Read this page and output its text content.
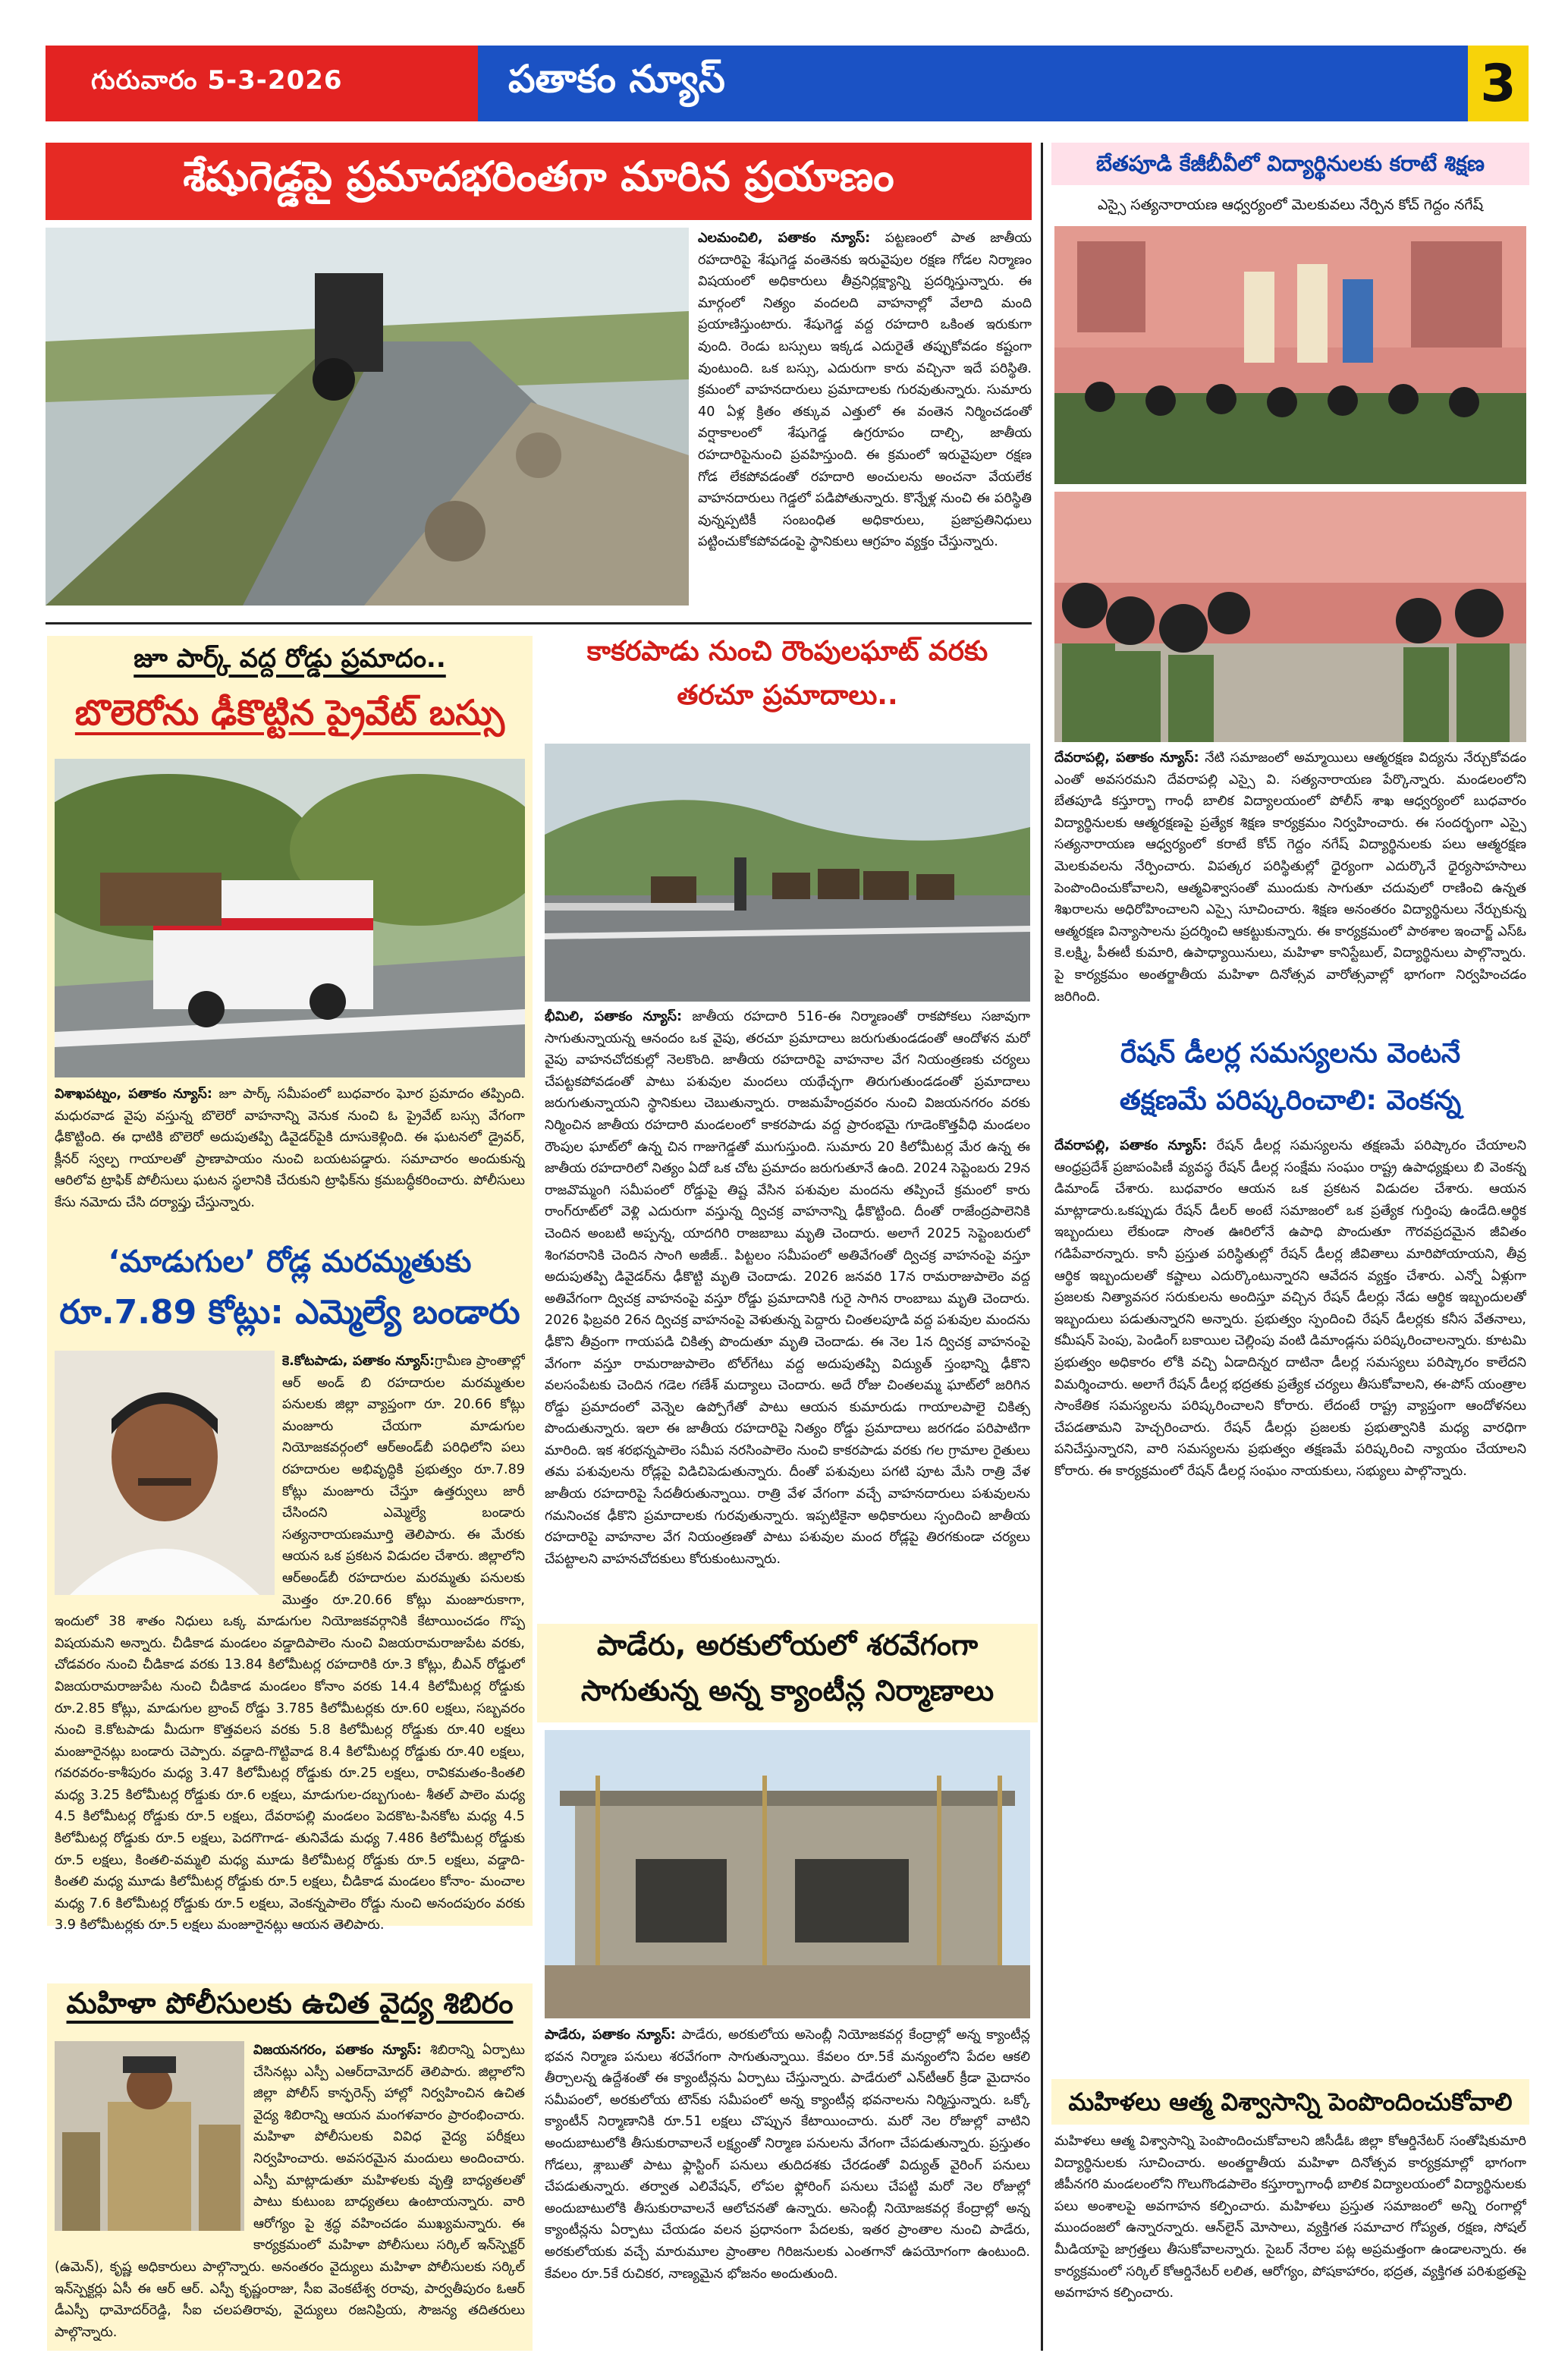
గురువారం 5-3-2026	పతాకం న్యూస్	3
శేషుగెడ్డపై ప్రమాదభరింతగా మారిన ప్రయాణం
ఎలమంచిలి, పతాకం న్యూస్: పట్టణంలో పాత జాతీయ రహదారిపై శేషుగెడ్డ వంతెనకు ఇరువైపుల రక్షణ గోడల నిర్మాణం విషయంలో అధికారులు తీవ్రనిర్లక్ష్యాన్ని ప్రదర్శిస్తున్నారు. ఈ మార్గంలో నిత్యం వందలది వాహనాల్లో వేలాది మంది ప్రయాణిస్తుంటారు. శేషుగెడ్డ వద్ద రహదారి ఒకింత ఇరుకుగా వుంది. రెండు బస్సులు ఇక్కడ ఎదురైతే తప్పుకోవడం కష్టంగా వుంటుంది. ఒక బస్సు, ఎదురుగా కారు వచ్చినా ఇదే పరిస్థితి. క్రమంలో వాహనదారులు ప్రమాదాలకు గురవుతున్నారు. సుమారు 40 ఏళ్ల క్రితం తక్కువ ఎత్తులో ఈ వంతెన నిర్మించడంతో వర్షాకాలంలో శేషుగెడ్డ ఉగ్రరూపం దాల్చి, జాతీయ రహదారిపైనుంచి ప్రవహిస్తుంది. ఈ క్రమంలో ఇరువైపులా రక్షణ గోడ లేకపోవడంతో రహదారి అంచులను అంచనా వేయలేక వాహనదారులు గెడ్డలో పడిపోతున్నారు. కొన్నేళ్ల నుంచి ఈ పరిస్థితి వున్నప్పటికీ సంబంధిత అధికారులు, ప్రజాప్రతినిధులు పట్టించుకోకపోవడంపై స్థానికులు ఆగ్రహం వ్యక్తం చేస్తున్నారు.
జూ పార్క్ వద్ద రోడ్డు ప్రమాదం..
బొలెరోను ఢీకొట్టిన ప్రైవేట్ బస్సు
విశాఖపట్నం, పతాకం న్యూస్: జూ పార్క్ సమీపంలో బుధవారం ఘోర ప్రమాదం తప్పింది. మధురవాడ వైపు వస్తున్న బొలెరో వాహనాన్ని వెనుక నుంచి ఓ ప్రైవేట్ బస్సు వేగంగా ఢీకొట్టింది. ఈ ధాటికి బొలెరో అదుపుతప్పి డివైడర్‌పైకి దూసుకెళ్లింది. ఈ ఘటనలో డ్రైవర్, క్లీనర్ స్వల్ప గాయాలతో ప్రాణాపాయం నుంచి బయటపడ్డారు. సమాచారం అందుకున్న ఆరిలోవ ట్రాఫిక్ పోలీసులు ఘటన స్థలానికి చేరుకుని ట్రాఫిక్‌ను క్రమబద్ధీకరించారు. పోలీసులు కేసు నమోదు చేసి దర్యాప్తు చేస్తున్నారు.
‘మాడుగుల’ రోడ్ల మరమ్మతుకు
రూ.7.89 కోట్లు: ఎమ్మెల్యే బండారు
కె.కోటపాడు, పతాకం న్యూస్:గ్రామీణ ప్రాంతాల్లో ఆర్ అండ్ బి రహదారుల మరమ్మతుల పనులకు జిల్లా వ్యాప్తంగా రూ. 20.66 కోట్లు మంజూరు చేయగా మాడుగుల నియోజకవర్గంలో ఆర్అండ్‌బీ పరిధిలోని పలు రహదారుల అభివృద్ధికి ప్రభుత్వం రూ.7.89 కోట్లు మంజూరు చేస్తూ ఉత్తర్వులు జారీ చేసిందని ఎమ్మెల్యే బండారు సత్యనారాయణమూర్తి తెలిపారు. ఈ మేరకు ఆయన ఒక ప్రకటన విడుదల చేశారు. జిల్లాలోని ఆర్‌అండ్‌బీ రహదారుల మరమ్మతు పనులకు మొత్తం రూ.20.66 కోట్లు మంజూరుకాగా, ఇందులో 38 శాతం నిధులు ఒక్క మాడుగుల నియోజకవర్గానికి కేటాయించడం గొప్ప విషయమని అన్నారు. చీడికాడ మండలం వడ్డాదిపాలెం నుంచి విజయరామరాజుపేట వరకు, చోడవరం నుంచి చీడికాడ వరకు 13.84 కిలోమీటర్ల రహదారికి రూ.3 కోట్లు, బీఎన్ రోడ్డులో విజయరామరాజుపేట నుంచి చీడికాడ మండలం కోనాం వరకు 14.4 కిలోమీటర్ల రోడ్డుకు రూ.2.85 కోట్లు, మాడుగుల బ్రాంచ్ రోడ్డు 3.785 కిలోమీటర్లకు రూ.60 లక్షలు, సబ్బవరం నుంచి కె.కోటపాడు మీదుగా కొత్తవలస వరకు 5.8 కిలోమీటర్ల రోడ్డుకు రూ.40 లక్షలు మంజూరైనట్లు బండారు చెప్పారు. వడ్డాది-గొట్టివాడ 8.4 కిలోమీటర్ల రోడ్డుకు రూ.40 లక్షలు, గవరవరం-కాశీపురం మధ్య 3.47 కిలోమీటర్ల రోడ్డుకు రూ.25 లక్షలు, రావికమతం-కింతలి మధ్య 3.25 కిలోమీటర్ల రోడ్డుకు రూ.6 లక్షలు, మాడుగుల-దబ్బగుంట- శీతల్ పాలెం మధ్య 4.5 కిలోమీటర్ల రోడ్డుకు రూ.5 లక్షలు, దేవరాపల్లి మండలం పెదకొట-పినకోట మధ్య 4.5 కిలోమీటర్ల రోడ్డుకు రూ.5 లక్షలు, పెదగొగాడ- తునివేడు మధ్య 7.486 కిలోమీటర్ల రోడ్డుకు రూ.5 లక్షలు, కింతలి-వమ్మలి మధ్య మూడు కిలోమీటర్ల రోడ్డుకు రూ.5 లక్షలు, వడ్డాది- కింతలి మధ్య మూడు కిలోమీటర్ల రోడ్డుకు రూ.5 లక్షలు, చీడికాడ మండలం కోనాం- మంచాల మధ్య 7.6 కిలోమీటర్ల రోడ్డుకు రూ.5 లక్షలు, వెంకన్నపాలెం రోడ్డు నుంచి అనందపురం వరకు 3.9 కిలోమీటర్లకు రూ.5 లక్షలు మంజూరైనట్లు ఆయన తెలిపారు.
మహిళా పోలీసులకు ఉచిత వైద్య శిబిరం
విజయనగరం, పతాకం న్యూస్: శిబిరాన్ని ఏర్పాటు చేసినట్లు ఎస్పీ ఎఆర్‌దామోదర్ తెలిపారు. జిల్లాలోని జిల్లా పోలీస్ కాన్ఫరెన్స్ హాల్లో నిర్వహించిన ఉచిత వైద్య శిబిరాన్ని ఆయన మంగళవారం ప్రారంభించారు. మహిళా పోలీసులకు వివిధ వైద్య పరీక్షలు నిర్వహించారు. అవసరమైన మందులు అందించారు. ఎస్పీ మాట్లాడుతూ మహిళలకు వృత్తి బాధ్యతలతో పాటు కుటుంబ బాధ్యతలు ఉంటాయన్నారు. వారి ఆరోగ్యం పై శ్రద్ధ వహించడం ముఖ్యమన్నారు. ఈ కార్యక్రమంలో మహిళా పోలీసులు సర్కిల్ ఇన్‌స్పెక్టర్ (ఉమెన్), కృష్ణ అధికారులు పాల్గొన్నారు. అనంతరం వైద్యులు మహిళా పోలీసులకు సర్కిల్ ఇన్‌స్పెక్టర్లు ఏసీ ఈ ఆర్ ఆర్. ఎస్పీ కృష్ణంరాజు, సీఐ వెంకటేశ్వ రరావు, పార్వతీపురం ఓఆర్ డీఎస్పీ ధామోదర్‌రెడ్డి, సీఐ చలపతిరావు, వైద్యులు రజనిప్రియ, సౌజన్య తదితరులు పాల్గొన్నారు.
కాకరపాడు నుంచి రౌంపులఘాట్ వరకు
తరచూ ప్రమాదాలు..
భీమిలి, పతాకం న్యూస్: జాతీయ రహదారి 516-ఈ నిర్మాణంతో రాకపోకలు సజావుగా సాగుతున్నాయన్న ఆనందం ఒక వైపు, తరచూ ప్రమాదాలు జరుగుతుండడంతో ఆందోళన మరో వైపు వాహనచోదకుల్లో నెలకొంది. జాతీయ రహదారిపై వాహనాల వేగ నియంత్రణకు చర్యలు చేపట్టకపోవడంతో పాటు పశువుల మందలు యథేచ్ఛగా తిరుగుతుండడంతో ప్రమాదాలు జరుగుతున్నాయని స్థానికులు చెబుతున్నారు. రాజమహేంద్రవరం నుంచి విజయనగరం వరకు నిర్మించిన జాతీయ రహదారి మండలంలో కాకరపాడు వద్ద ప్రారంభమై గూడెంకొత్తవీధి మండలం రౌంపుల ఘాట్‌లో ఉన్న చిన గాజుగెడ్డతో ముగుస్తుంది. సుమారు 20 కిలోమీటర్ల మేర ఉన్న ఈ జాతీయ రహదారిలో నిత్యం ఏదో ఒక చోట ప్రమాదం జరుగుతూనే ఉంది. 2024 సెప్టెంబరు 29న రాజవొమ్మంగి సమీపంలో రోడ్డుపై తిష్ట వేసిన పశువుల మందను తప్పించే క్రమంలో కారు రాంగ్‌రూట్‌లో వెళ్లి ఎదురుగా వస్తున్న ద్విచక్ర వాహనాన్ని ఢీకొట్టింది. దీంతో రాజేంద్రపాలెనికి చెందిన అంబటి అప్పన్న, యాదగిరి రాజబాబు మృతి చెందారు. అలాగే 2025 సెప్టెంబరులో శింగవరానికి చెందిన సాంగి అజీజ్.. పిట్టలం సమీపంలో అతివేగంతో ద్విచక్ర వాహనంపై వస్తూ అదుపుతప్పి డివైడర్‌ను ఢీకొట్టి మృతి చెందాడు. 2026 జనవరి 17న రామరాజుపాలెం వద్ద అతివేగంగా ద్విచక్ర వాహనంపై వస్తూ రోడ్డు ప్రమాదానికి గురై సాగిన రాంబాబు మృతి చెందారు. 2026 ఫిబ్రవరి 26న ద్విచక్ర వాహనంపై వెళుతున్న పెద్దారు చింతలపూడి వద్ద పశువుల మందను ఢీకొని తీవ్రంగా గాయపడి చికిత్స పొందుతూ మృతి చెందాడు. ఈ నెల 1న ద్విచక్ర వాహనంపై వేగంగా వస్తూ రామరాజుపాలెం టోల్‌గేటు వద్ద అదుపుతప్పి విద్యుత్ స్తంభాన్ని ఢీకొని వలసంపేటకు చెందిన గడెల గణేశ్ మద్యాలు చెందారు. అదే రోజు చింతలమ్మ ఘాట్‌లో జరిగిన రోడ్డు ప్రమాదంలో వెన్నెల ఉప్పోగేతో పాటు ఆయన కుమారుడు గాయాలపాలై చికిత్స పొందుతున్నారు. ఇలా ఈ జాతీయ రహదారిపై నిత్యం రోడ్డు ప్రమాదాలు జరగడం పరిపాటిగా మారింది. ఇక శరభన్నపాలెం సమీప నరసింపాలెం నుంచి కాకరపాడు వరకు గల గ్రామాల రైతులు తమ పశువులను రోడ్లపై విడిచిపెడుతున్నారు. దీంతో పశువులు పగటి పూట మేసి రాత్రి వేళ జాతీయ రహదారిపై సేదతీరుతున్నాయి. రాత్రి వేళ వేగంగా వచ్చే వాహనదారులు పశువులను గమనించక ఢీకొని ప్రమాదాలకు గురవుతున్నారు. ఇప్పటికైనా అధికారులు స్పందించి జాతీయ రహదారిపై వాహనాల వేగ నియంత్రణతో పాటు పశువుల మంద రోడ్లపై తిరగకుండా చర్యలు చేపట్టాలని వాహనచోదకులు కోరుకుంటున్నారు.
పాడేరు, అరకులోయలో శరవేగంగా
సాగుతున్న అన్న క్యాంటీన్ల నిర్మాణాలు
పాడేరు, పతాకం న్యూస్: పాడేరు, అరకులోయ అసెంబ్లీ నియోజకవర్గ కేంద్రాల్లో అన్న క్యాంటీన్ల భవన నిర్మాణ పనులు శరవేగంగా సాగుతున్నాయి. కేవలం రూ.5కే మన్యంలోని పేదల ఆకలి తీర్చాలన్న ఉద్దేశంతో ఈ క్యాంటీన్లను ఏర్పాటు చేస్తున్నారు. పాడేరులో ఎన్‌టీఆర్ క్రీడా మైదానం సమీపంలో, అరకులోయ టౌన్‌కు సమీపంలో అన్న క్యాంటీన్ల భవనాలను నిర్మిస్తున్నారు. ఒక్కో క్యాంటీన్ నిర్మాణానికి రూ.51 లక్షలు చొప్పున కేటాయించారు. మరో నెల రోజుల్లో వాటిని అందుబాటులోకి తీసుకురావాలనే లక్ష్యంతో నిర్మాణ పనులను వేగంగా చేపడుతున్నారు. ప్రస్తుతం గోడలు, శ్లాబుతో పాటు ఫ్లాస్టింగ్ పనులు తుదిదశకు చేరడంతో విద్యుత్ వైరింగ్ పనులు చేపడుతున్నారు. తర్వాత ఎలివేషన్, లోపల ఫ్లోరింగ్ పనులు చేపట్టి మరో నెల రోజుల్లో అందుబాటులోకి తీసుకురావాలనే ఆలోచనతో ఉన్నారు. అసెంబ్లీ నియోజకవర్గ కేంద్రాల్లో అన్న క్యాంటీన్లను ఏర్పాటు చేయడం వలన ప్రధానంగా పేదలకు, ఇతర ప్రాంతాల నుంచి పాడేరు, అరకులోయకు వచ్చే మారుమూల ప్రాంతాల గిరిజనులకు ఎంతగానో ఉపయోగంగా ఉంటుంది. కేవలం రూ.5కే రుచికర, నాణ్యమైన భోజనం అందుతుంది.
బేతపూడి కేజీబీవీలో విద్యార్థినులకు కరాటే శిక్షణ
ఎస్సై సత్యనారాయణ ఆధ్వర్యంలో మెలకువలు నేర్పిన కోచ్ గెద్దం నగేష్
దేవరాపల్లి, పతాకం న్యూస్: నేటి సమాజంలో అమ్మాయిలు ఆత్మరక్షణ విద్యను నేర్చుకోవడం ఎంతో అవసరమని దేవరాపల్లి ఎస్సై వి. సత్యనారాయణ పేర్కొన్నారు. మండలంలోని బేతపూడి కస్తూర్బా గాంధీ బాలిక విద్యాలయంలో పోలీస్ శాఖ ఆధ్వర్యంలో బుధవారం విద్యార్థినులకు ఆత్మరక్షణపై ప్రత్యేక శిక్షణ కార్యక్రమం నిర్వహించారు. ఈ సందర్భంగా ఎస్సై సత్యనారాయణ ఆధ్వర్యంలో కరాటే కోచ్ గెద్దం నగేష్ విద్యార్థినులకు పలు ఆత్మరక్షణ మెలకువలను నేర్పించారు. విపత్కర పరిస్థితుల్లో ధైర్యంగా ఎదుర్కొనే ధైర్యసాహసాలు పెంపొందించుకోవాలని, ఆత్మవిశ్వాసంతో ముందుకు సాగుతూ చదువులో రాణించి ఉన్నత శిఖరాలను అధిరోహించాలని ఎస్సై సూచించారు. శిక్షణ అనంతరం విద్యార్థినులు నేర్చుకున్న ఆత్మరక్షణ విన్యాసాలను ప్రదర్శించి ఆకట్టుకున్నారు. ఈ కార్యక్రమంలో పాఠశాల ఇంచార్జ్ ఎస్‌ఓ కె.లక్ష్మి, పీఈటీ కుమారి, ఉపాధ్యాయినులు, మహిళా కానిస్టేబుల్, విద్యార్థినులు పాల్గొన్నారు. పై కార్యక్రమం అంతర్జాతీయ మహిళా దినోత్సవ వారోత్సవాల్లో భాగంగా నిర్వహించడం జరిగింది.
రేషన్ డీలర్ల సమస్యలను వెంటనే
తక్షణమే పరిష్కరించాలి: వెంకన్న
దేవరాపల్లి, పతాకం న్యూస్: రేషన్ డీలర్ల సమస్యలను తక్షణమే పరిష్కారం చేయాలని ఆంధ్రప్రదేశ్ ప్రజాపంపిణీ వ్యవస్థ రేషన్ డీలర్ల సంక్షేమ సంఘం రాష్ట్ర ఉపాధ్యక్షులు బి వెంకన్న డిమాండ్ చేశారు. బుధవారం ఆయన ఒక ప్రకటన విడుదల చేశారు. ఆయన మాట్లాడారు.ఒకప్పుడు రేషన్ డీలర్ అంటే సమాజంలో ఒక ప్రత్యేక గుర్తింపు ఉండేది.ఆర్థిక ఇబ్బందులు లేకుండా సొంత ఊరిలోనే ఉపాధి పొందుతూ గౌరవప్రదమైన జీవితం గడిపేవారన్నారు. కానీ ప్రస్తుత పరిస్థితుల్లో రేషన్ డీలర్ల జీవితాలు మారిపోయాయని, తీవ్ర ఆర్థిక ఇబ్బందులతో కష్టాలు ఎదుర్కొంటున్నారని ఆవేదన వ్యక్తం చేశారు. ఎన్నో ఏళ్లుగా ప్రజలకు నిత్యావసర సరుకులను అందిస్తూ వచ్చిన రేషన్ డీలర్లు నేడు ఆర్థిక ఇబ్బందులతో ఇబ్బందులు పడుతున్నారని అన్నారు. ప్రభుత్వం స్పందించి రేషన్ డీలర్లకు కనీస వేతనాలు, కమీషన్ పెంపు, పెండింగ్ బకాయిల చెల్లింపు వంటి డిమాండ్లను పరిష్కరించాలన్నారు. కూటమి ప్రభుత్వం అధికారం లోకి వచ్చి ఏడాదిన్నర దాటినా డీలర్ల సమస్యలు పరిష్కారం కాలేదని విమర్శించారు. అలాగే రేషన్ డీలర్ల భద్రతకు ప్రత్యేక చర్యలు తీసుకోవాలని, ఈ-పోస్ యంత్రాల సాంకేతిక సమస్యలను పరిష్కరించాలని కోరారు. లేదంటే రాష్ట్ర వ్యాప్తంగా ఆందోళనలు చేపడతామని హెచ్చరించారు. రేషన్ డీలర్లు ప్రజలకు ప్రభుత్వానికి మధ్య వారధిగా పనిచేస్తున్నారని, వారి సమస్యలను ప్రభుత్వం తక్షణమే పరిష్కరించి న్యాయం చేయాలని కోరారు. ఈ కార్యక్రమంలో రేషన్ డీలర్ల సంఘం నాయకులు, సభ్యులు పాల్గొన్నారు.
మహిళలు ఆత్మ విశ్వాసాన్ని పెంపొందించుకోవాలి
మహిళలు ఆత్మ విశ్వాసాన్ని పెంపొందించుకోవాలని జిసీడీఓ జిల్లా కోఆర్డినేటర్ సంతోషికుమారి విద్యార్థినులకు సూచించారు. అంతర్జాతీయ మహిళా దినోత్సవ కార్యక్రమాల్లో భాగంగా జీపీనగరి మండలంలోని గొలుగొండపాలెం కస్తూర్బాగాంధీ బాలిక విద్యాలయంలో విద్యార్థినులకు పలు అంశాలపై అవగాహన కల్పించారు. మహిళలు ప్రస్తుత సమాజంలో అన్ని రంగాల్లో ముందంజలో ఉన్నారన్నారు. ఆన్‌లైన్ మోసాలు, వ్యక్తిగత సమాచార గోప్యత, రక్షణ, సోషల్ మీడియాపై జాగ్రత్తలు తీసుకోవాలన్నారు. సైబర్ నేరాల పట్ల అప్రమత్తంగా ఉండాలన్నారు. ఈ కార్యక్రమంలో సర్కిల్ కోఆర్డినేటర్ లలిత, ఆరోగ్యం, పోషకాహారం, భద్రత, వ్యక్తిగత పరిశుభ్రతపై అవగాహన కల్పించారు.
